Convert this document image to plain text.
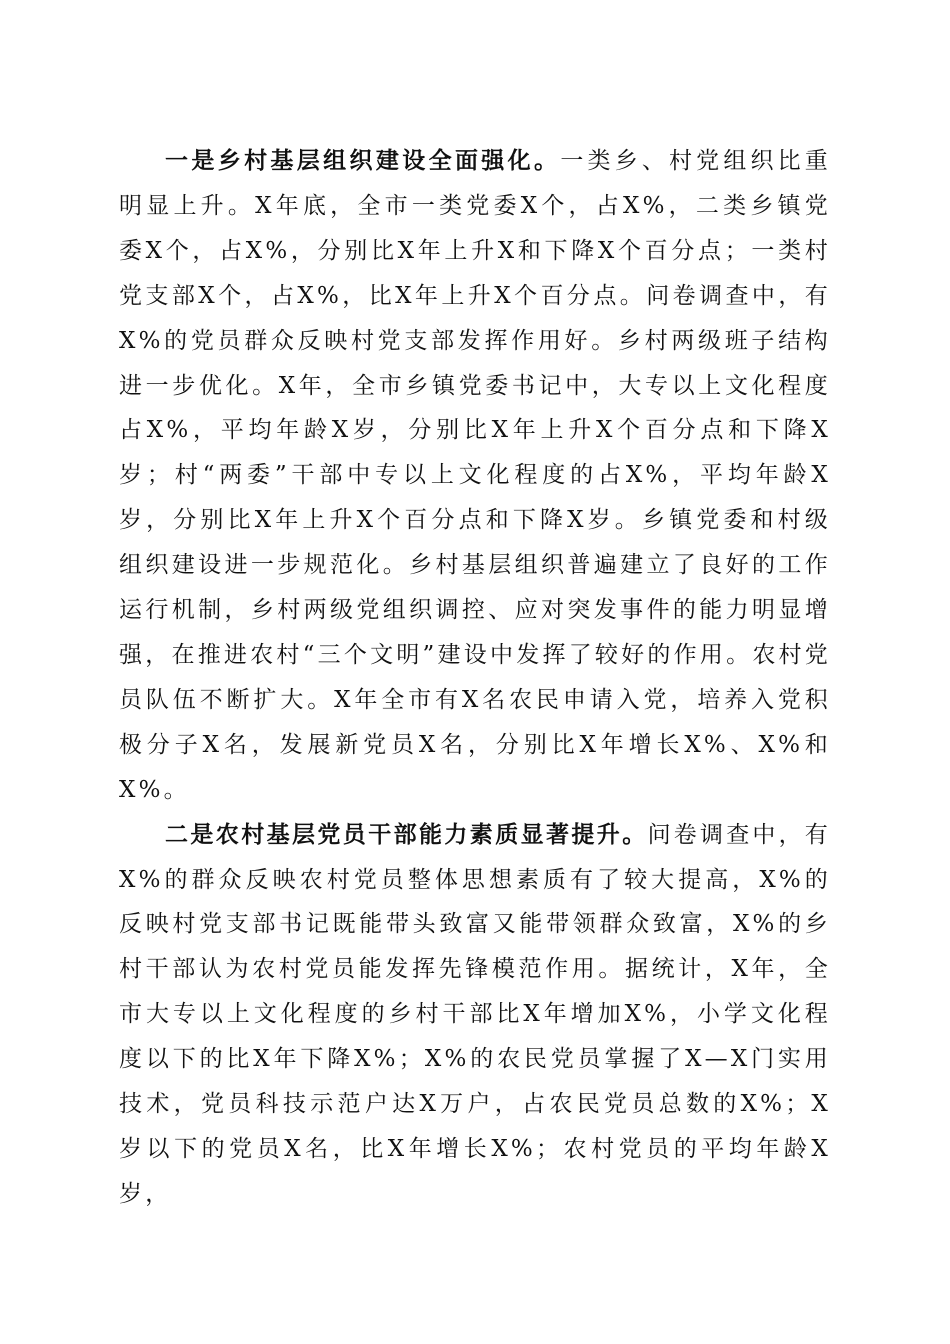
一是乡村基层组织建设全面强化。一类乡、村党组织比重明显上升。X年底，全市一类党委X个，占X%，二类乡镇党委X个，占X%，分别比X年上升X和下降X个百分点；一类村党支部X个，占X%，比X年上升X个百分点。问卷调查中，有X%的党员群众反映村党支部发挥作用好。乡村两级班子结构进一步优化。X年，全市乡镇党委书记中，大专以上文化程度占X%，平均年龄X岁，分别比X年上升X个百分点和下降X岁；村“两委”干部中专以上文化程度的占X%，平均年龄X岁，分别比X年上升X个百分点和下降X岁。乡镇党委和村级组织建设进一步规范化。乡村基层组织普遍建立了良好的工作运行机制，乡村两级党组织调控、应对突发事件的能力明显增强，在推进农村“三个文明”建设中发挥了较好的作用。农村党员队伍不断扩大。X年全市有X名农民申请入党，培养入党积极分子X名，发展新党员X名，分别比X年增长X%、X%和X%。

二是农村基层党员干部能力素质显著提升。问卷调查中，有X%的群众反映农村党员整体思想素质有了较大提高，X%的反映村党支部书记既能带头致富又能带领群众致富，X%的乡村干部认为农村党员能发挥先锋模范作用。据统计，X年，全市大专以上文化程度的乡村干部比X年增加X%，小学文化程度以下的比X年下降X%；X%的农民党员掌握了X—X门实用技术，党员科技示范户达X万户，占农民党员总数的X%；X岁以下的党员X名，比X年增长X%；农村党员的平均年龄X岁，
